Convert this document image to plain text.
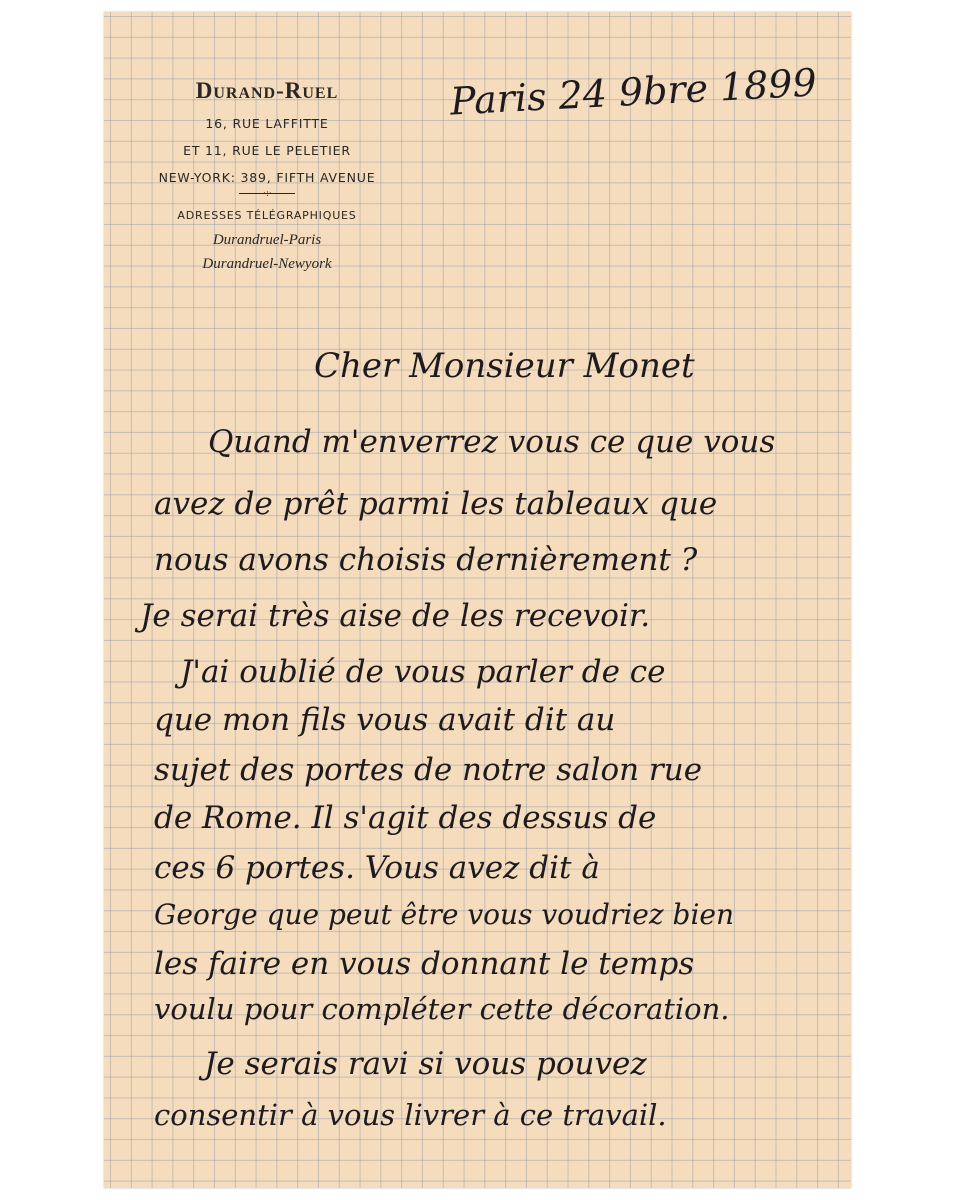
Durand-Ruel
16, RUE LAFFITTE
ET 11, RUE LE PELETIER
NEW-YORK: 389, FIFTH AVENUE
·:·
ADRESSES TÉLÉGRAPHIQUES
Durandruel-Paris
Durandruel-Newyork
Paris 24 9bre 1899
Cher Monsieur Monet
Quand m'enverrez vous ce que vous
avez de prêt parmi les tableaux que
nous avons choisis dernièrement ?
Je serai très aise de les recevoir.
J'ai oublié de vous parler de ce
que mon fils vous avait dit au
sujet des portes de notre salon rue
de Rome. Il s'agit des dessus de
ces 6 portes. Vous avez dit à
George que peut être vous voudriez bien
les faire en vous donnant le temps
voulu pour compléter cette décoration.
Je serais ravi si vous pouvez
consentir à vous livrer à ce travail.
